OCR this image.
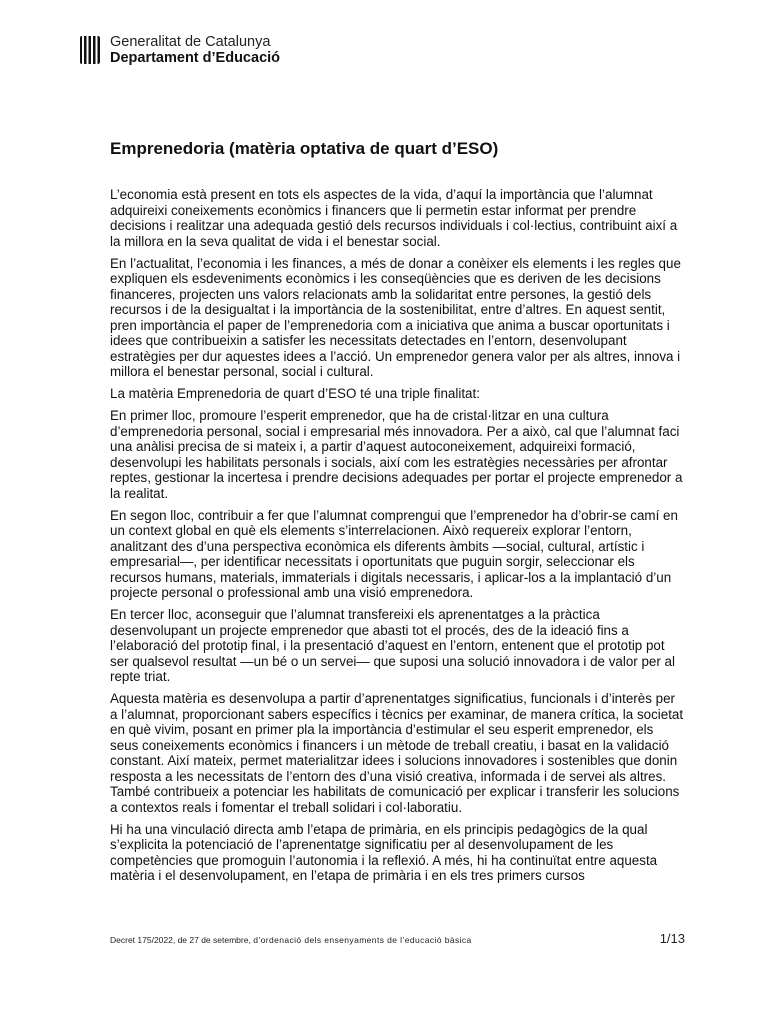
Generalitat de Catalunya
Departament d’Educació
Emprenedoria (matèria optativa de quart d’ESO)

L’economia està present en tots els aspectes de la vida, d’aquí la importància que l’alumnat adquireixi coneixements econòmics i financers que li permetin estar informat per prendre decisions i realitzar una adequada gestió dels recursos individuals i col·lectius, contribuint així a la millora en la seva qualitat de vida i el benestar social.

En l’actualitat, l’economia i les finances, a més de donar a conèixer els elements i les regles que expliquen els esdeveniments econòmics i les conseqüències que es deriven de les decisions financeres, projecten uns valors relacionats amb la solidaritat entre persones, la gestió dels recursos i de la desigualtat i la importància de la sostenibilitat, entre d’altres. En aquest sentit, pren importància el paper de l’emprenedoria com a iniciativa que anima a buscar oportunitats i idees que contribueixin a satisfer les necessitats detectades en l’entorn, desenvolupant estratègies per dur aquestes idees a l’acció. Un emprenedor genera valor per als altres, innova i millora el benestar personal, social i cultural.

La matèria Emprenedoria de quart d’ESO té una triple finalitat:

En primer lloc, promoure l’esperit emprenedor, que ha de cristal·litzar en una cultura d’emprenedoria personal, social i empresarial més innovadora. Per a això, cal que l’alumnat faci una anàlisi precisa de si mateix i, a partir d’aquest autoconeixement, adquireixi formació, desenvolupi les habilitats personals i socials, així com les estratègies necessàries per afrontar reptes, gestionar la incertesa i prendre decisions adequades per portar el projecte emprenedor a la realitat.

En segon lloc, contribuir a fer que l’alumnat comprengui que l’emprenedor ha d’obrir-se camí en un context global en què els elements s’interrelacionen. Això requereix explorar l’entorn, analitzant des d’una perspectiva econòmica els diferents àmbits —social, cultural, artístic i empresarial—, per identificar necessitats i oportunitats que puguin sorgir, seleccionar els recursos humans, materials, immaterials i digitals necessaris, i aplicar-los a la implantació d’un projecte personal o professional amb una visió emprenedora.

En tercer lloc, aconseguir que l’alumnat transfereixi els aprenentatges a la pràctica desenvolupant un projecte emprenedor que abasti tot el procés, des de la ideació fins a l’elaboració del prototip final, i la presentació d’aquest en l’entorn, entenent que el prototip pot ser qualsevol resultat —un bé o un servei— que suposi una solució innovadora i de valor per al repte triat.

Aquesta matèria es desenvolupa a partir d’aprenentatges significatius, funcionals i d’interès per a l’alumnat, proporcionant sabers específics i tècnics per examinar, de manera crítica, la societat en què vivim, posant en primer pla la importància d’estimular el seu esperit emprenedor, els seus coneixements econòmics i financers i un mètode de treball creatiu, i basat en la validació constant. Així mateix, permet materialitzar idees i solucions innovadores i sostenibles que donin resposta a les necessitats de l’entorn des d’una visió creativa, informada i de servei als altres. També contribueix a potenciar les habilitats de comunicació per explicar i transferir les solucions a contextos reals i fomentar el treball solidari i col·laboratiu.

Hi ha una vinculació directa amb l’etapa de primària, en els principis pedagògics de la qual s’explicita la potenciació de l’aprenentatge significatiu per al desenvolupament de les competències que promoguin l’autonomia i la reflexió. A més, hi ha continuïtat entre aquesta matèria i el desenvolupament, en l’etapa de primària i en els tres primers cursos

Decret 175/2022, de 27 de setembre, d’ordenació dels ensenyaments de l’educació bàsica	1/13
